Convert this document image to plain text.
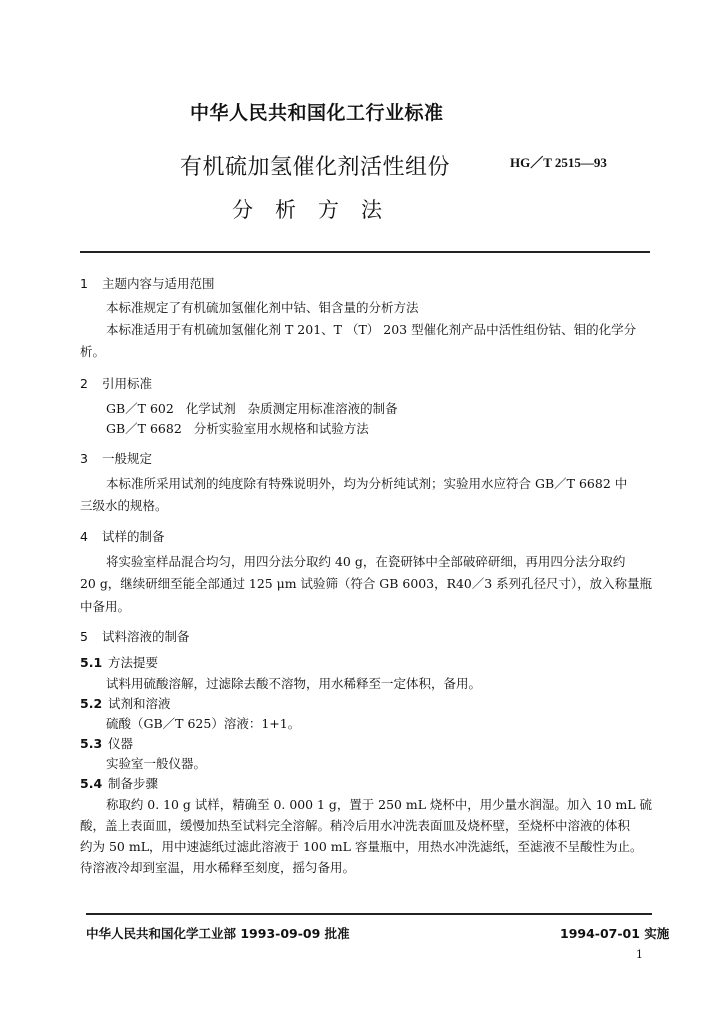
中华人民共和国化工行业标准
有机硫加氢催化剂活性组份	HG／T 2515—93
分析方法
1 主题内容与适用范围
本标准规定了有机硫加氢催化剂中钴、钼含量的分析方法
本标准适用于有机硫加氢催化剂 T 201、T （T） 203 型催化剂产品中活性组份钴、钼的化学分
析。
2 引用标准
GB／T 602   化学试剂   杂质测定用标准溶液的制备
GB／T 6682   分析实验室用水规格和试验方法
3 一般规定
本标准所采用试剂的纯度除有特殊说明外，均为分析纯试剂；实验用水应符合 GB／T 6682 中
三级水的规格。
4 试样的制备
将实验室样品混合均匀，用四分法分取约 40 g，在瓷研钵中全部破碎研细，再用四分法分取约
20 g，继续研细至能全部通过 125 μm 试验筛（符合 GB 6003，R40／3 系列孔径尺寸），放入称量瓶
中备用。
5 试料溶液的制备
5.1 方法提要
试料用硫酸溶解，过滤除去酸不溶物，用水稀释至一定体积，备用。
5.2 试剂和溶液
硫酸（GB／T 625）溶液：1+1。
5.3 仪器
实验室一般仪器。
5.4 制备步骤
称取约 0. 10 g 试样，精确至 0. 000 1 g，置于 250 mL 烧杯中，用少量水润湿。加入 10 mL 硫
酸，盖上表面皿，缓慢加热至试料完全溶解。稍冷后用水冲洗表面皿及烧杯壁，至烧杯中溶液的体积
约为 50 mL，用中速滤纸过滤此溶液于 100 mL 容量瓶中，用热水冲洗滤纸，至滤液不呈酸性为止。
待溶液冷却到室温，用水稀释至刻度，摇匀备用。
中华人民共和国化学工业部 1993-09-09 批准	1994-07-01 实施
1
